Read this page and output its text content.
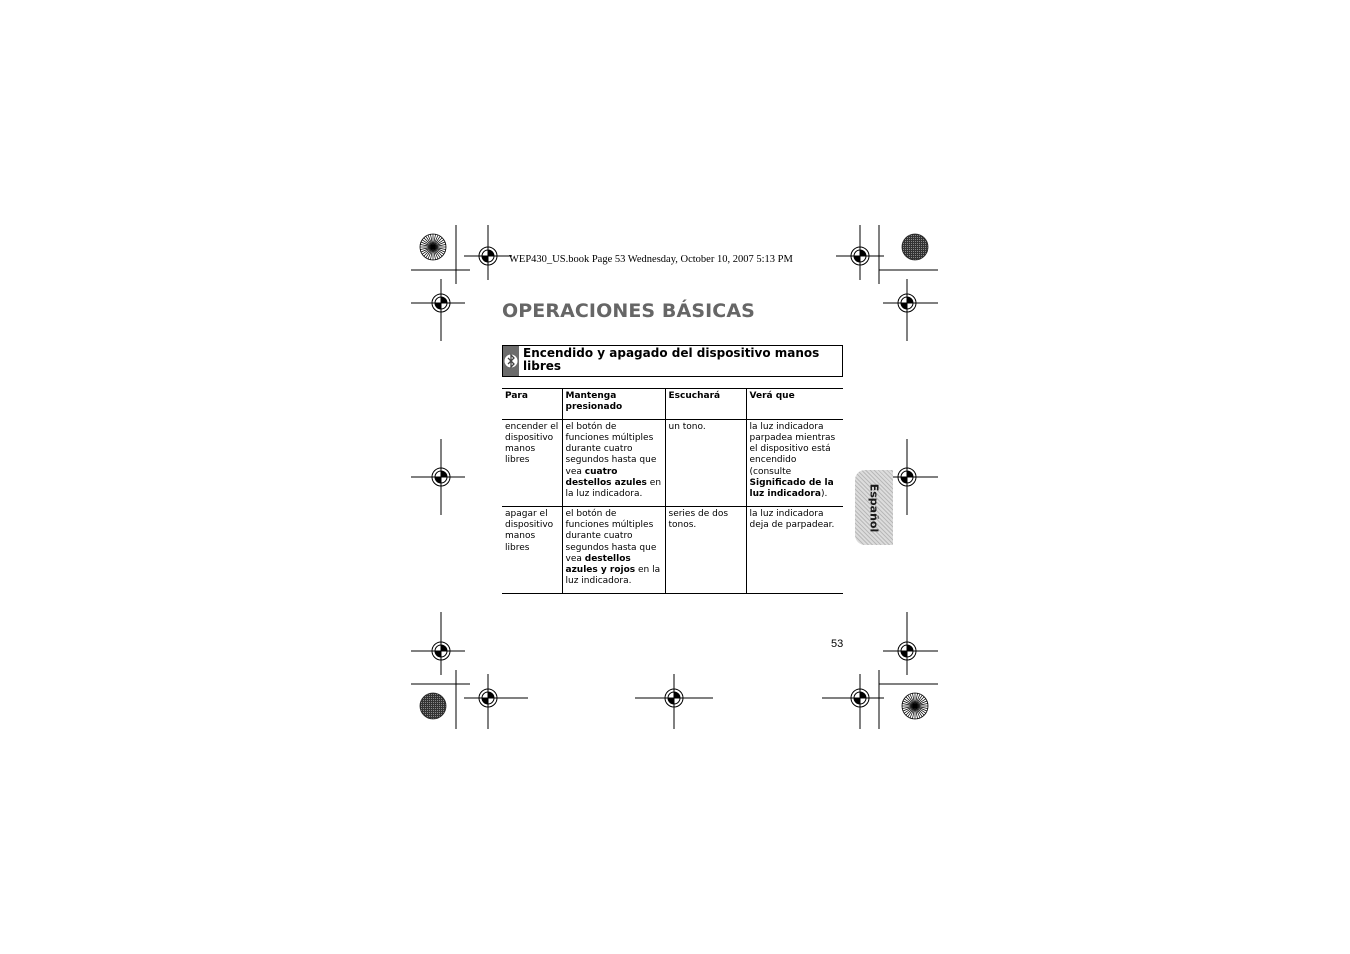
WEP430_US.book Page 53 Wednesday, October 10, 2007 5:13 PM
OPERACIONES BÁSICAS
Encendido y apagado del dispositivo manos libres
Para	Mantenga presionado	Escuchará	Verá que
encender el dispositivo manos libres	el botón de funciones múltiples durante cuatro segundos hasta que vea cuatro destellos azules en la luz indicadora.	un tono.	la luz indicadora parpadea mientras el dispositivo está encendido (consulte Significado de la luz indicadora).
apagar el dispositivo manos libres	el botón de funciones múltiples durante cuatro segundos hasta que vea destellos azules y rojos en la luz indicadora.	series de dos tonos.	la luz indicadora deja de parpadear.	Español
53
